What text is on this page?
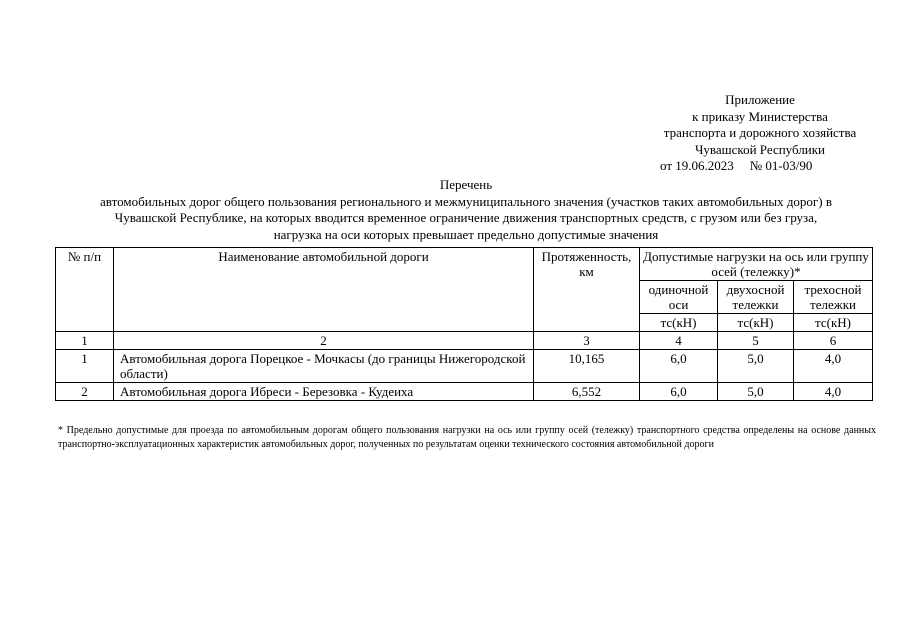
Приложение
к приказу Министерства
транспорта и дорожного хозяйства
Чувашской Республики
от 19.06.2023 № 01-03/90
Перечень
автомобильных дорог общего пользования регионального и межмуниципального значения (участков таких автомобильных дорог) в
Чувашской Республике, на которых вводится временное ограничение движения транспортных средств, с грузом или без груза,
нагрузка на оси которых превышает предельно допустимые значения
№ п/п	Наименование автомобильной дороги	Протяженность, км	Допустимые нагрузки на ось или группу осей (тележку)*		
			одиночной оси	двухосной тележки	трехосной тележки
			тс(кН)	тс(кН)	тс(кН)
1	2	3	4	5	6
1	Автомобильная дорога Порецкое - Мочкасы (до границы Нижегородской области)	10,165	6,0	5,0	4,0
2	Автомобильная дорога Ибреси - Березовка - Кудеиха	6,552	6,0	5,0	4,0
* Предельно допустимые для проезда по автомобильным дорогам общего пользования нагрузки на ось или группу осей (тележку) транспортного средства определены на основе данных транспортно-эксплуатационных характеристик автомобильных дорог, полученных по результатам оценки технического состояния автомобильной дороги
